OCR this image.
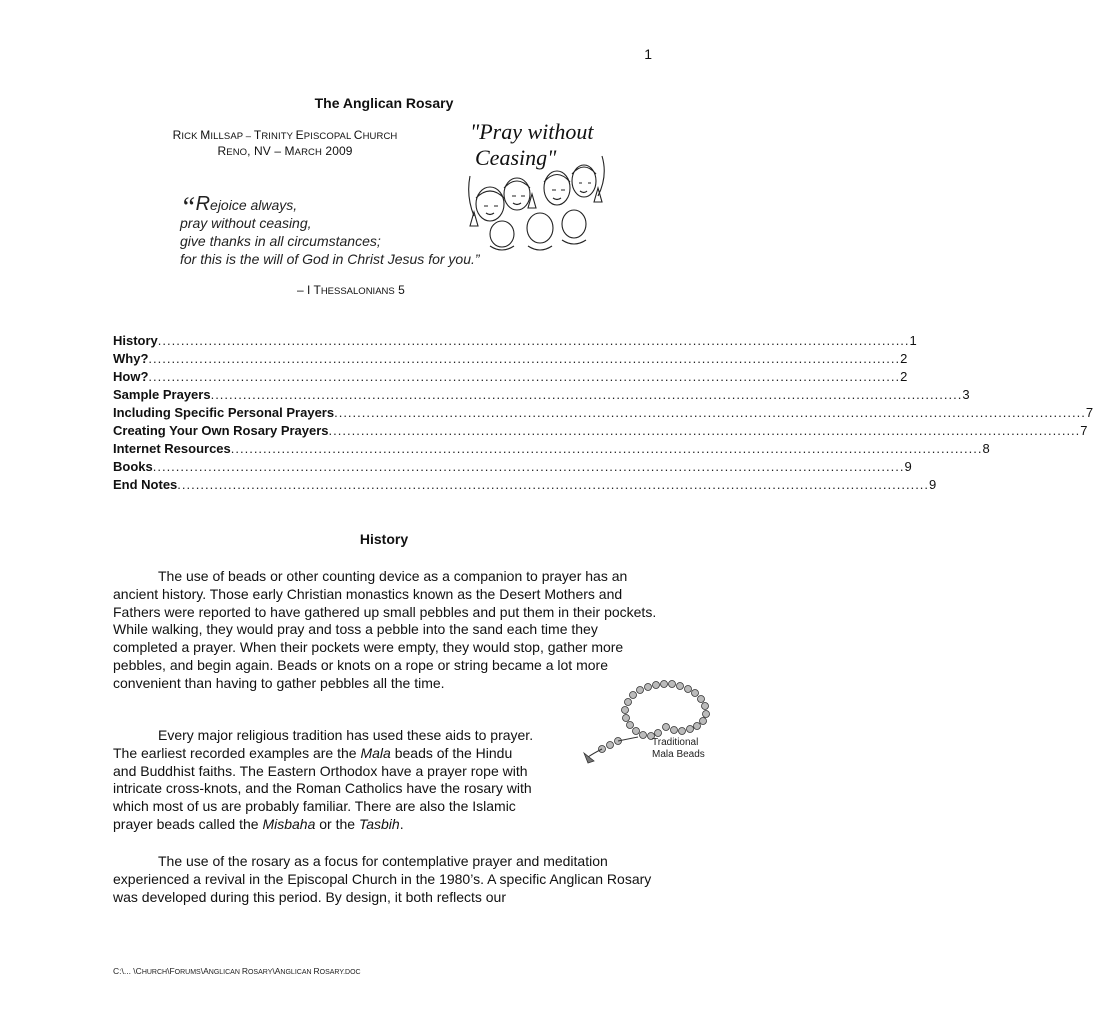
1
The Anglican Rosary
RICK MILLSAP – TRINITY EPISCOPAL CHURCH
RENO, NV – MARCH 2009
"Pray without
Ceasing"
“Rejoice always,
pray without ceasing,
give thanks in all circumstances;
for this is the will of God in Christ Jesus for you.”
– I THESSALONIANS 5
History ................................................................................................................................................................... 1
Why? ................................................................................................................................................................... 2
How? ................................................................................................................................................................... 2
Sample Prayers ................................................................................................................................................................... 3
Including Specific Personal Prayers ................................................................................................................................................................... 7
Creating Your Own Rosary Prayers ................................................................................................................................................................... 7
Internet Resources ................................................................................................................................................................... 8
Books ................................................................................................................................................................... 9
End Notes ................................................................................................................................................................... 9
History
The use of beads or other counting device as a companion to prayer has an ancient history. Those early Christian monastics known as the Desert Mothers and Fathers were reported to have gathered up small pebbles and put them in their pockets. While walking, they would pray and toss a pebble into the sand each time they completed a prayer. When their pockets were empty, they would stop, gather more pebbles, and begin again. Beads or knots on a rope or string became a lot more convenient than having to gather pebbles all the time.
Every major religious tradition has used these aids to prayer. The earliest recorded examples are the Mala beads of the Hindu and Buddhist faiths. The Eastern Orthodox have a prayer rope with intricate cross-knots, and the Roman Catholics have the rosary with which most of us are probably familiar. There are also the Islamic prayer beads called the Misbaha or the Tasbih.
The use of the rosary as a focus for contemplative prayer and meditation experienced a revival in the Episcopal Church in the 1980’s. A specific Anglican Rosary was developed during this period. By design, it both reflects our
Traditional
Mala Beads
C:\... \CHURCH\FORUMS\ANGLICAN ROSARY\ANGLICAN ROSARY.DOC
